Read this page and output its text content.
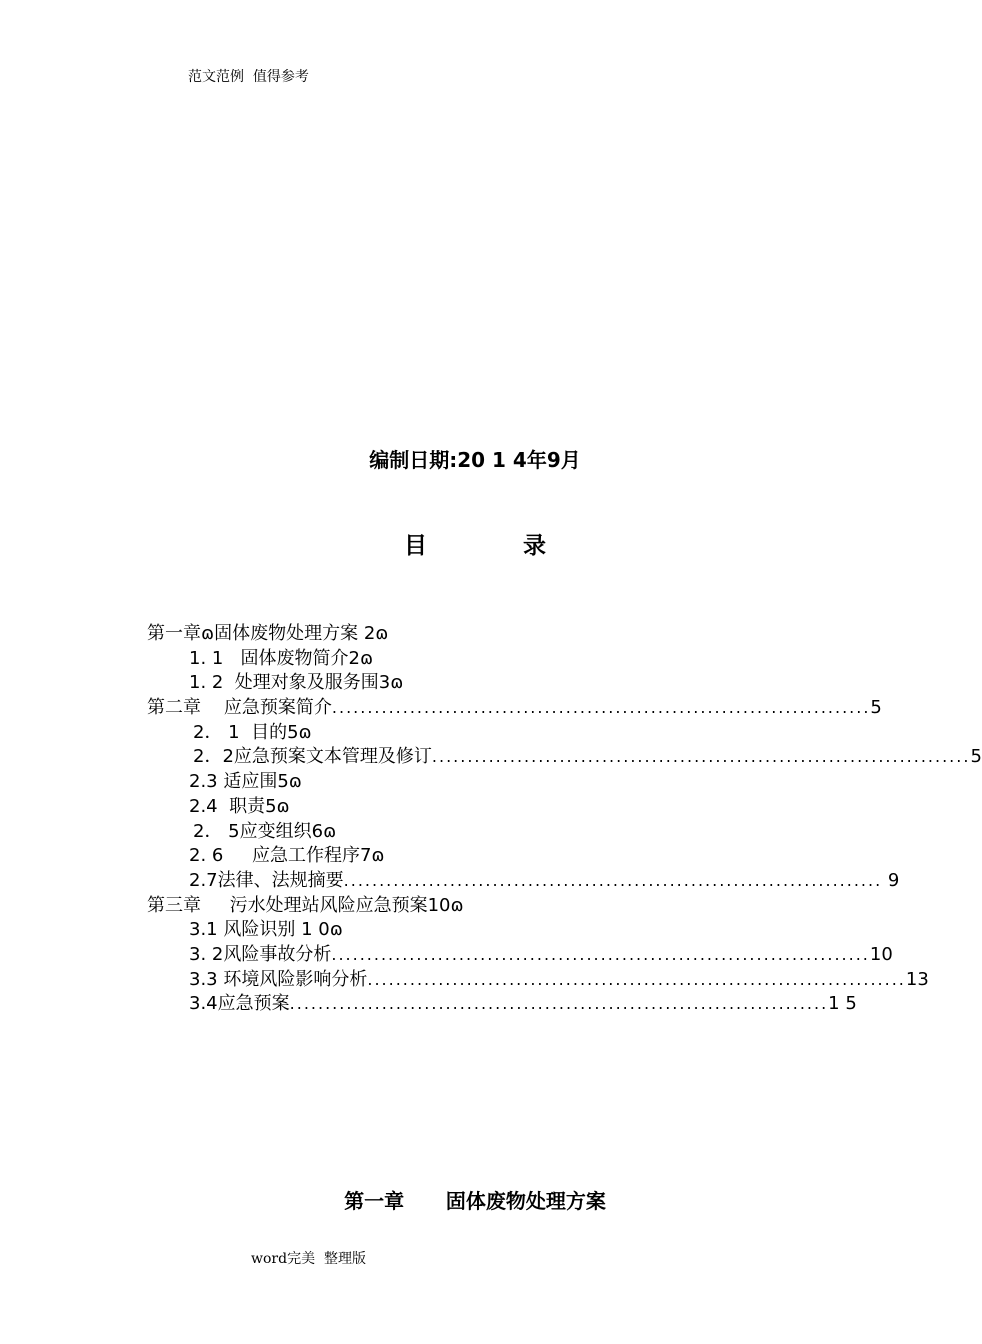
范文范例  值得参考
编制日期:20 1 4年9月
目 录
第一章ɷ固体废物处理方案 2ɷ
1. 1   固体废物简介2ɷ
1. 2  处理对象及服务围3ɷ
第二章    应急预案简介 ............................................................................ 5
2． 1  目的5ɷ
2．2应急预案文本管理及修订 ............................................................................ 5
2.3 适应围5ɷ
2.4  职责5ɷ
2． 5应变组织6ɷ
2. 6     应急工作程序7ɷ
2.7法律、法规摘要 ............................................................................ 9
第三章     污水处理站风险应急预案10ɷ
3.1 风险识别 1 0ɷ
3. 2风险事故分析 ............................................................................ 10
3.3 环境风险影响分析 ............................................................................ 13
3.4应急预案 ............................................................................ 1 5
第一章      固体废物处理方案
word完美  整理版
